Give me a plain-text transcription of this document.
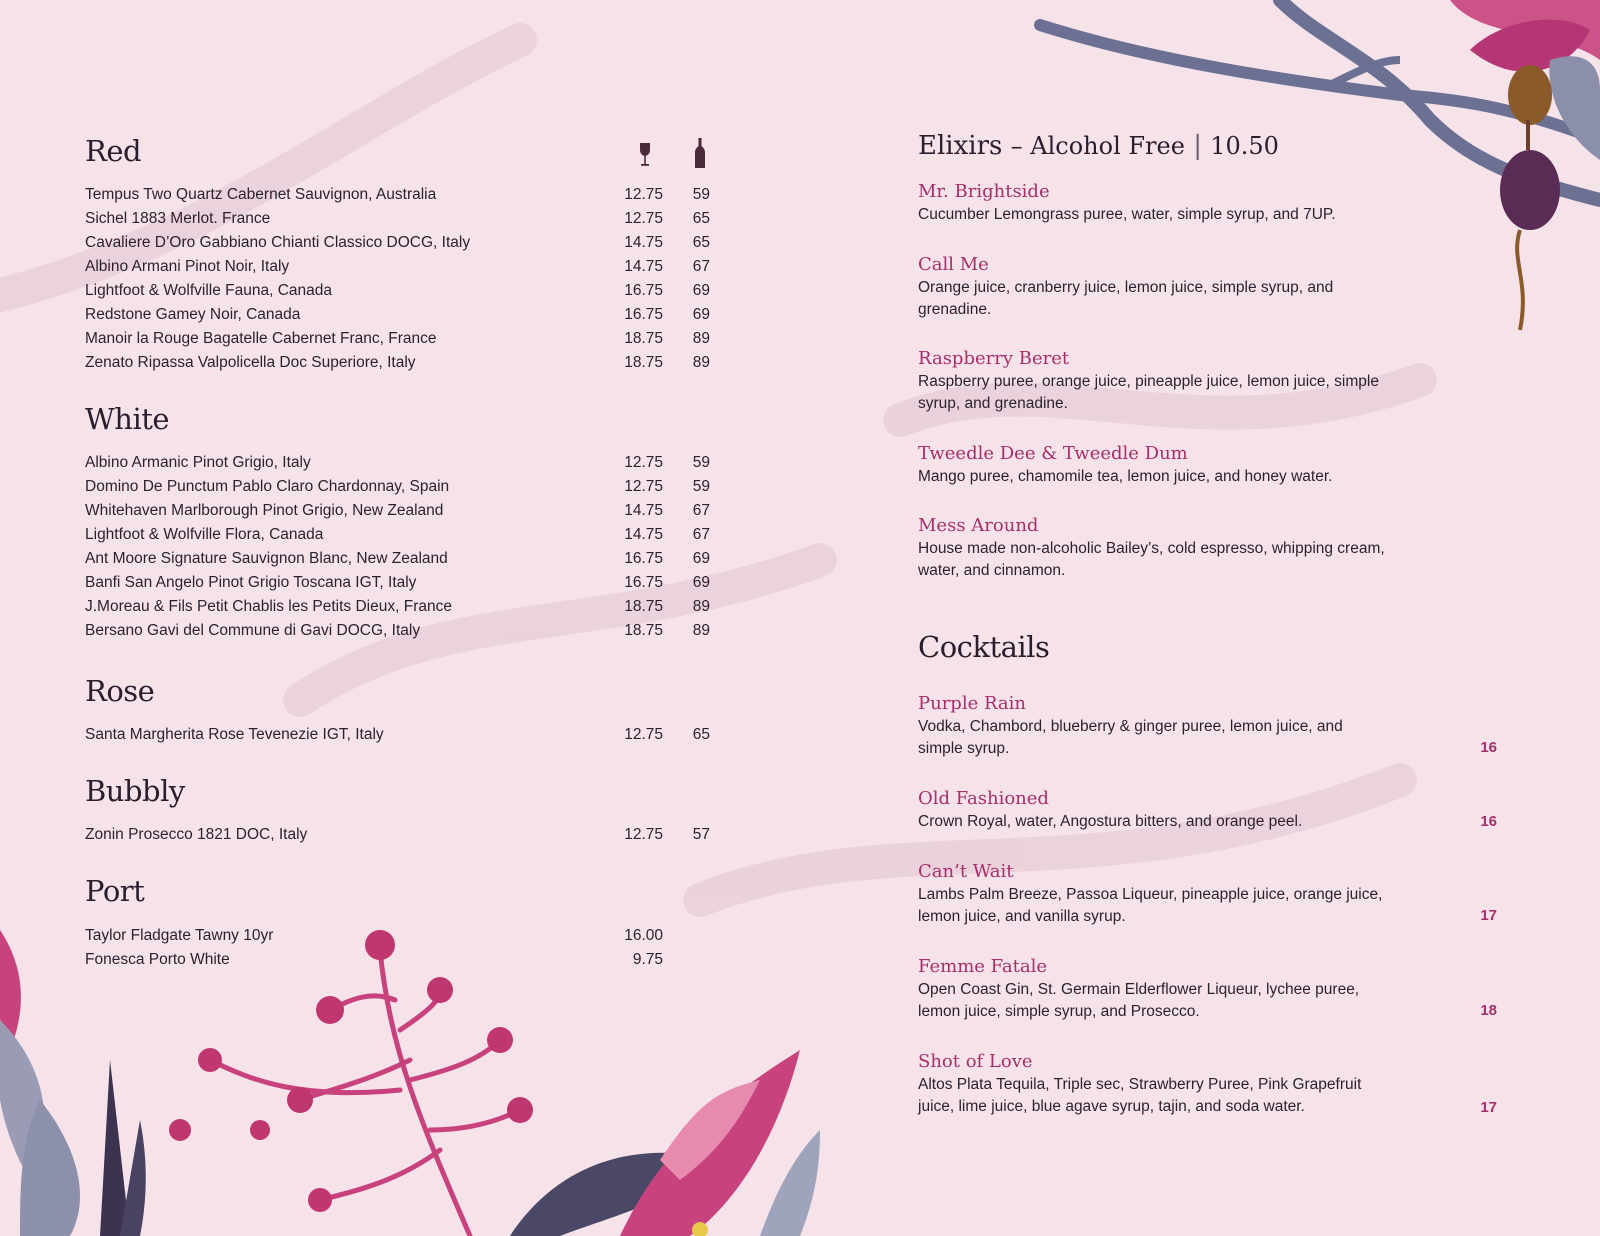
Red
Tempus Two Quartz Cabernet Sauvignon, Australia	12.75	59
Sichel 1883 Merlot. France	12.75	65
Cavaliere D’Oro Gabbiano Chianti Classico DOCG, Italy	14.75	65
Albino Armani Pinot Noir, Italy	14.75	67
Lightfoot & Wolfville Fauna, Canada	16.75	69
Redstone Gamey Noir, Canada	16.75	69
Manoir la Rouge Bagatelle Cabernet Franc, France	18.75	89
Zenato Ripassa Valpolicella Doc Superiore, Italy	18.75	89
White
Albino Armanic Pinot Grigio, Italy	12.75	59
Domino De Punctum Pablo Claro Chardonnay, Spain	12.75	59
Whitehaven Marlborough Pinot Grigio, New Zealand	14.75	67
Lightfoot & Wolfville Flora, Canada	14.75	67
Ant Moore Signature Sauvignon Blanc, New Zealand	16.75	69
Banfi San Angelo Pinot Grigio Toscana IGT, Italy	16.75	69
J.Moreau & Fils Petit Chablis les Petits Dieux, France	18.75	89
Bersano Gavi del Commune di Gavi DOCG, Italy	18.75	89
Rose
Santa Margherita Rose Tevenezie IGT, Italy	12.75	65
Bubbly
Zonin Prosecco 1821 DOC, Italy	12.75	57
Port
Taylor Fladgate Tawny 10yr	16.00
Fonesca Porto White	9.75
Elixirs – Alcohol Free | 10.50
Mr. Brightside
Cucumber Lemongrass puree, water, simple syrup, and 7UP.
Call Me
Orange juice, cranberry juice, lemon juice, simple syrup, and grenadine.
Raspberry Beret
Raspberry puree, orange juice, pineapple juice, lemon juice, simple syrup, and grenadine.
Tweedle Dee & Tweedle Dum
Mango puree, chamomile tea, lemon juice, and honey water.
Mess Around
House made non-alcoholic Bailey’s, cold espresso, whipping cream, water, and cinnamon.
Cocktails
Purple Rain
Vodka, Chambord, blueberry & ginger puree, lemon juice, and simple syrup.	16
Old Fashioned
Crown Royal, water, Angostura bitters, and orange peel.	16
Can’t Wait
Lambs Palm Breeze, Passoa Liqueur, pineapple juice, orange juice, lemon juice, and vanilla syrup.	17
Femme Fatale
Open Coast Gin, St. Germain Elderflower Liqueur, lychee puree, lemon juice, simple syrup, and Prosecco.	18
Shot of Love
Altos Plata Tequila, Triple sec, Strawberry Puree, Pink Grapefruit juice, lime juice, blue agave syrup, tajin, and soda water.	17
